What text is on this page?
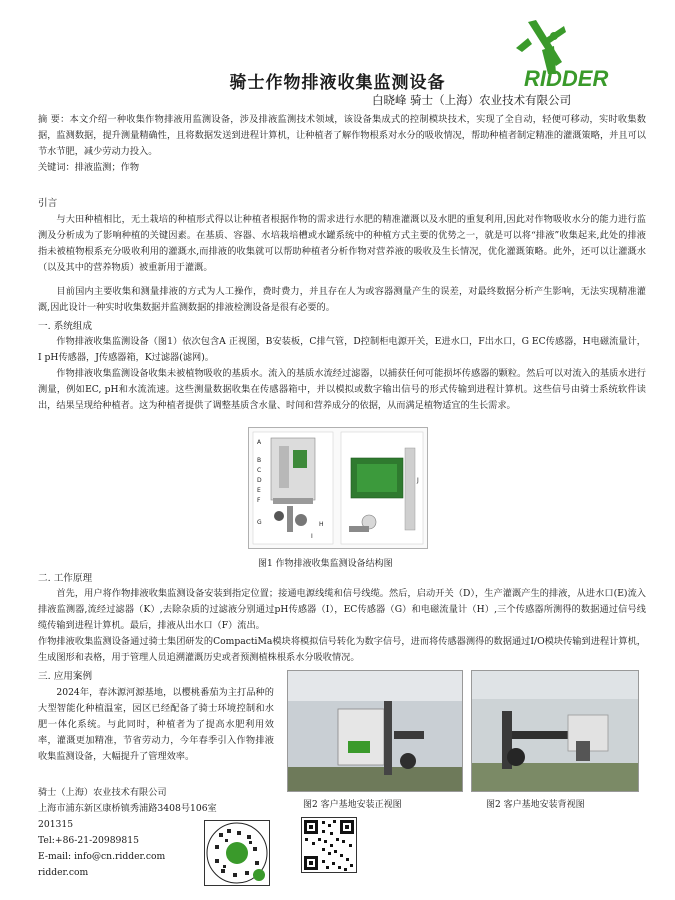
RIDDER
骑士作物排液收集监测设备
白晓峰 骑士（上海）农业技术有限公司
摘 要：本文介绍一种收集作物排液用监测设备，涉及排液监测技术领域，该设备集成式的控制模块技术，实现了全自动，轻便可移动，实时收集数据，监测数据，提升测量精确性，且将数据发送到进程计算机，让种植者了解作物根系对水分的吸收情况，帮助种植者制定精准的灌溉策略，并且可以节水节肥，减少劳动力投入。
关键词：排液监测；作物
引言
与大田种植相比，无土栽培的种植形式得以让种植者根据作物的需求进行水肥的精准灌溉以及水肥的重复利用,因此对作物吸收水分的能力进行监测及分析成为了影响种植的关键因素。在基质、容器、水培栽培槽或水罐系统中的种植方式主要的优势之一，就是可以将“排液”收集起来,此处的排液指未被植物根系充分吸收利用的灌溉水,而排液的收集就可以帮助种植者分析作物对营养液的吸收及生长情况，优化灌溉策略。此外，还可以让灌溉水（以及其中的营养物质）被重新用于灌溉。
目前国内主要收集和测量排液的方式为人工操作，费时费力，并且存在人为或容器测量产生的误差，对最终数据分析产生影响，无法实现精准灌溉,因此设计一种实时收集数据并监测数据的排液检测设备是很有必要的。
一. 系统组成
作物排液收集监测设备（图1）依次包含A 正视图，B安装板，C排气管，D控制柜电源开关，E进水口，F出水口，G EC传感器，H电磁流量计，I pH传感器，J传感器箱，K过滤器(滤网)。
作物排液收集监测设备收集未被植物吸收的基质水。流入的基质水流经过滤器，以捕获任何可能损坏传感器的颗粒。然后可以对流入的基质水进行测量，例如EC, pH和水流流速。这些测量数据收集在传感器箱中，并以模拟或数字输出信号的形式传输到进程计算机。这些信号由骑士系统软件读出，结果呈现给种植者。这为种植者提供了调整基质含水量、时间和营养成分的依据，从而满足植物适宜的生长需求。
A
B
C
D
E
F
G	H
I
J
图1 作物排液收集监测设备结构图
二. 工作原理
首先，用户将作物排液收集监测设备安装到指定位置；接通电源线缆和信号线缆。然后，启动开关（D），生产灌溉产生的排液，从进水口(E)流入排液监测器,流经过滤器（K）,去除杂质的过滤液分别通过pH传感器（I），EC传感器（G）和电磁流量计（H）,三个传感器所测得的数据通过信号线缆传输到进程计算机。最后，排液从出水口（F）流出。
作物排液收集监测设备通过骑士集团研发的CompactiMa模块将模拟信号转化为数字信号，进而将传感器测得的数据通过I/O模块传输到进程计算机，生成图形和表格，用于管理人员追溯灌溉历史或者预测植株根系水分吸收情况。
三. 应用案例
2024年，春沐源河源基地，以樱桃番茄为主打品种的大型智能化种植温室，园区已经配备了骑士环境控制和水肥一体化系统。与此同时，种植者为了提高水肥利用效率，灌溉更加精准，节省劳动力，今年春季引入作物排液收集监测设备，大幅提升了管理效率。
图2 客户基地安装正视图	图2 客户基地安装背视图
骑士（上海）农业技术有限公司
上海市浦东新区康桥镇秀浦路3408号106室
201315
Tel:+86-21-20989815
E-mail: info@cn.ridder.com
ridder.com
